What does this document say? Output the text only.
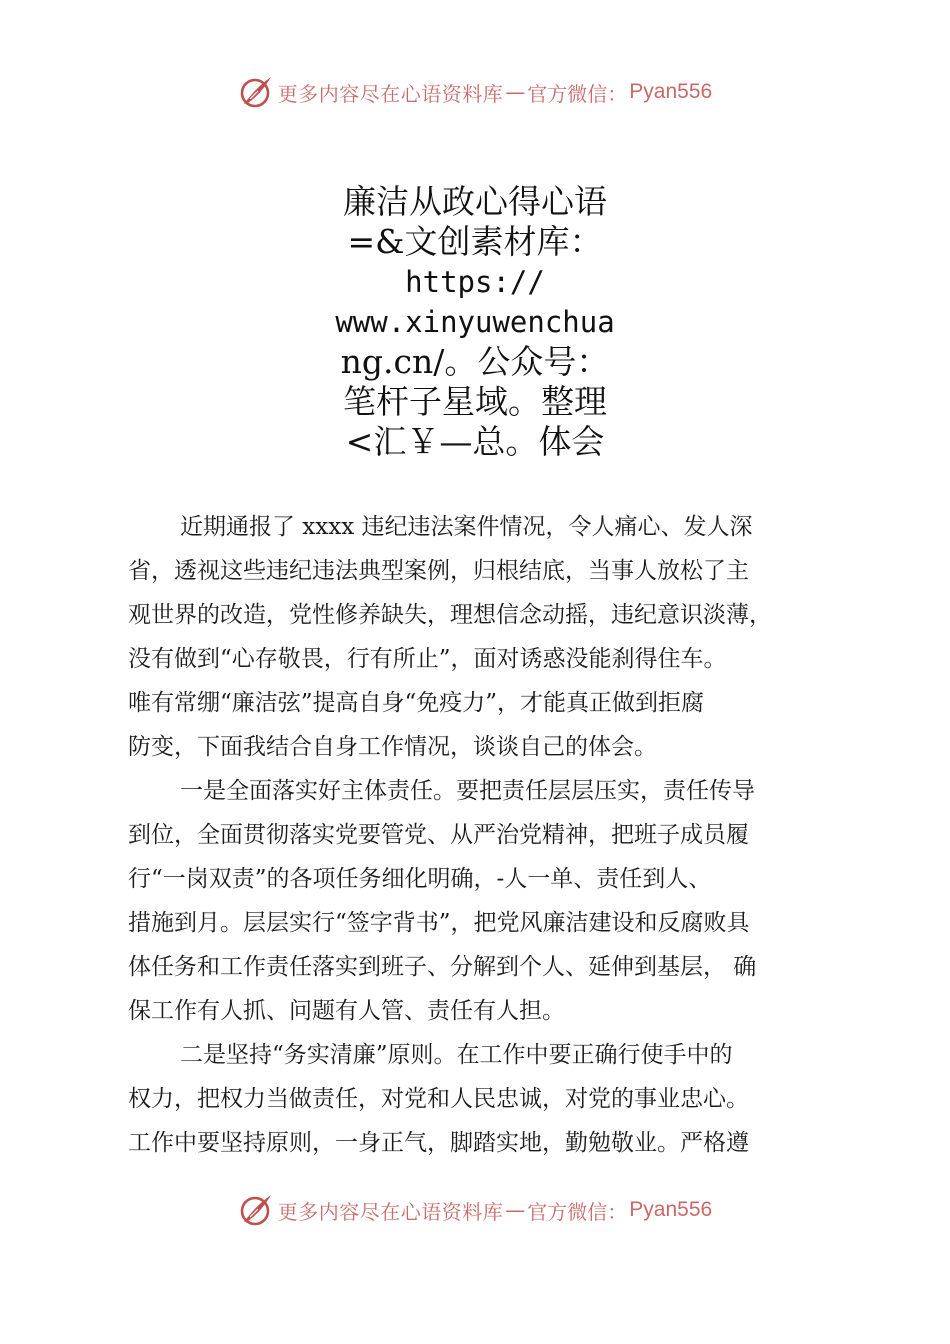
更多内容尽在心语资料库 — 官方微信： Pyan556
廉洁从政心得心语
=&文创素材库：
https://
www.xinyuwenchua
ng.cn/。公众号：
笔杆子星域。整理
<汇￥—总。体会
近期通报了 xxxx 违纪违法案件情况，令人痛心、发人深
省，透视这些违纪违法典型案例，归根结底，当事人放松了主
观世界的改造，党性修养缺失，理想信念动摇，违纪意识淡薄，
没有做到“心存敬畏，行有所止”，面对诱惑没能刹得住车。
唯有常绷“廉洁弦”提高自身“免疫力”，才能真正做到拒腐
防变，下面我结合自身工作情况，谈谈自己的体会。
一是全面落实好主体责任。要把责任层层压实，责任传导
到位，全面贯彻落实党要管党、从严治党精神，把班子成员履
行“一岗双责”的各项任务细化明确，-人一单、责任到人、
措施到月。层层实行“签字背书”，把党风廉洁建设和反腐败具
体任务和工作责任落实到班子、分解到个人、延伸到基层， 确
保工作有人抓、问题有人管、责任有人担。
二是坚持“务实清廉”原则。在工作中要正确行使手中的
权力，把权力当做责任，对党和人民忠诚，对党的事业忠心。
工作中要坚持原则，一身正气，脚踏实地，勤勉敬业。严格遵
更多内容尽在心语资料库 — 官方微信： Pyan556
